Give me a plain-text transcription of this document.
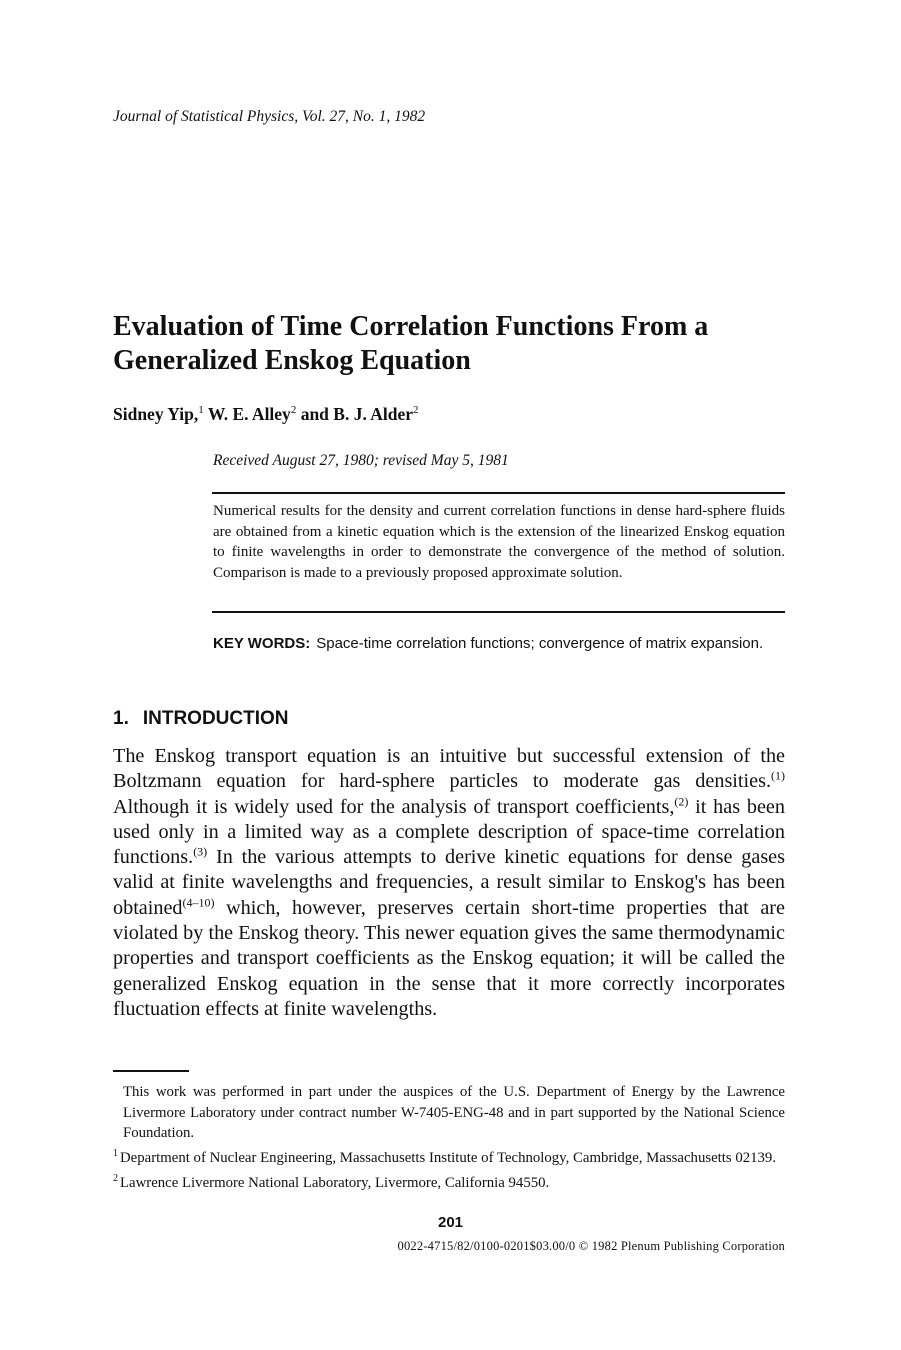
Journal of Statistical Physics, Vol. 27, No. 1, 1982
Evaluation of Time Correlation Functions From a
Generalized Enskog Equation
Sidney Yip,$^1$ W. E. Alley$^2$ and B. J. Alder$^2$
Received August 27, 1980; revised May 5, 1981
Numerical results for the density and current correlation functions in dense hard-sphere fluids are obtained from a kinetic equation which is the extension of the linearized Enskog equation to finite wavelengths in order to demonstrate the convergence of the method of solution. Comparison is made to a previously proposed approximate solution.
KEY WORDS: Space-time correlation functions; convergence of matrix expansion.
1. INTRODUCTION
The Enskog transport equation is an intuitive but successful extension of the Boltzmann equation for hard-sphere particles to moderate gas densities.$^{(1)}$ Although it is widely used for the analysis of transport coefficients,$^{(2)}$ it has been used only in a limited way as a complete description of space-time correlation functions.$^{(3)}$ In the various attempts to derive kinetic equations for dense gases valid at finite wavelengths and frequencies, a result similar to Enskog's has been obtained$^{(4-10)}$ which, however, preserves certain short-time properties that are violated by the Enskog theory. This newer equation gives the same thermodynamic properties and transport coefficients as the Enskog equation; it will be called the generalized Enskog equation in the sense that it more correctly incorporates fluctuation effects at finite wavelengths.
This work was performed in part under the auspices of the U.S. Department of Energy by the Lawrence Livermore Laboratory under contract number W-7405-ENG-48 and in part supported by the National Science Foundation.
$^1$ Department of Nuclear Engineering, Massachusetts Institute of Technology, Cambridge, Massachusetts 02139.
$^2$ Lawrence Livermore National Laboratory, Livermore, California 94550.
201
0022-4715/82/0100-0201$03.00/0 © 1982 Plenum Publishing Corporation
